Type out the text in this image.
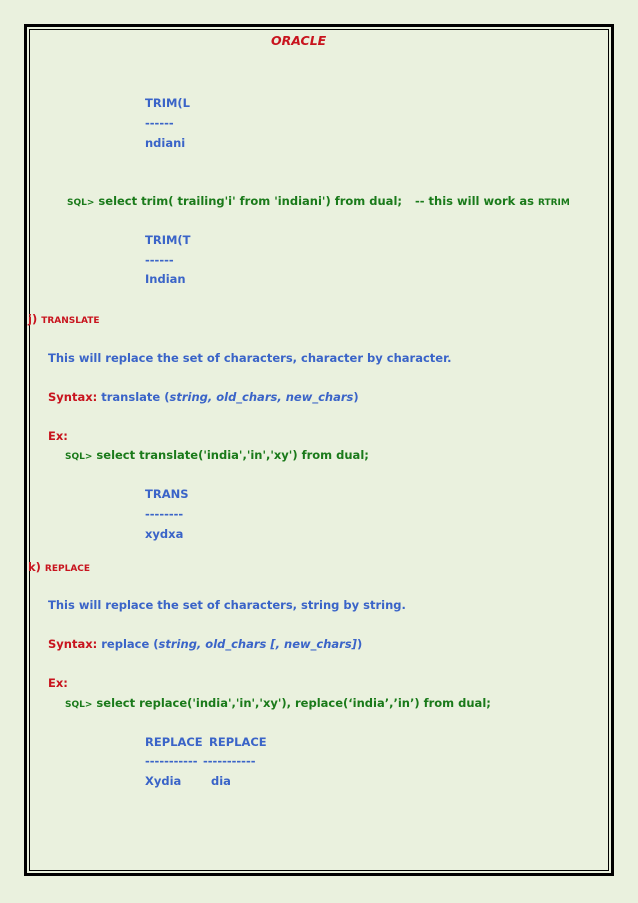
ORACLE
TRIM(L
------
ndiani
SQL> select trim( trailing'i' from 'indiani') from dual; -- this will work as RTRIM
TRIM(T
------
Indian
j) TRANSLATE
This will replace the set of characters, character by character.
Syntax: translate (string, old_chars, new_chars)
Ex:
SQL> select translate('india','in','xy') from dual;
TRANS
--------
xydxa
k) REPLACE
This will replace the set of characters, string by string.
Syntax: replace (string, old_chars [, new_chars])
Ex:
SQL> select replace('india','in','xy'), replace(‘india’,’in’) from dual;
REPLACE REPLACE
----------- -----------
Xydia	dia
